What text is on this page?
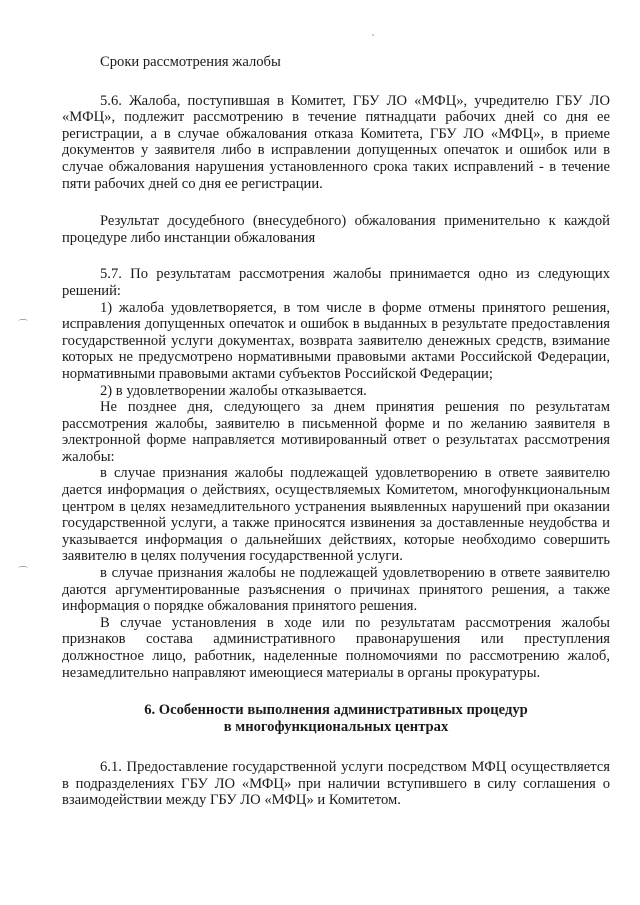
⌒
⌒

Сроки рассмотрения жалобы

5.6. Жалоба, поступившая в Комитет, ГБУ ЛО «МФЦ», учредителю ГБУ ЛО «МФЦ», подлежит рассмотрению в течение пятнадцати рабочих дней со дня ее регистрации, а в случае обжалования отказа Комитета, ГБУ ЛО «МФЦ», в приеме документов у заявителя либо в исправлении допущенных опечаток и ошибок или в случае обжалования нарушения установленного срока таких исправлений - в течение пяти рабочих дней со дня ее регистрации.

Результат досудебного (внесудебного) обжалования применительно к каждой процедуре либо инстанции обжалования

5.7. По результатам рассмотрения жалобы принимается одно из следующих решений:

1) жалоба удовлетворяется, в том числе в форме отмены принятого решения, исправления допущенных опечаток и ошибок в выданных в результате предоставления государственной услуги документах, возврата заявителю денежных средств, взимание которых не предусмотрено нормативными правовыми актами Российской Федерации, нормативными правовыми актами субъектов Российской Федерации;

2) в удовлетворении жалобы отказывается.

Не позднее дня, следующего за днем принятия решения по результатам рассмотрения жалобы, заявителю в письменной форме и по желанию заявителя в электронной форме направляется мотивированный ответ о результатах рассмотрения жалобы:

в случае признания жалобы подлежащей удовлетворению в ответе заявителю дается информация о действиях, осуществляемых Комитетом, многофункциональным центром в целях незамедлительного устранения выявленных нарушений при оказании государственной услуги, а также приносятся извинения за доставленные неудобства и указывается информация о дальнейших действиях, которые необходимо совершить заявителю в целях получения государственной услуги.

в случае признания жалобы не подлежащей удовлетворению в ответе заявителю даются аргументированные разъяснения о причинах принятого решения, а также информация о порядке обжалования принятого решения.

В случае установления в ходе или по результатам рассмотрения жалобы признаков состава административного правонарушения или преступления должностное лицо, работник, наделенные полномочиями по рассмотрению жалоб, незамедлительно направляют имеющиеся материалы в органы прокуратуры.

6. Особенности выполнения административных процедур
в многофункциональных центрах

6.1. Предоставление государственной услуги посредством МФЦ осуществляется в подразделениях ГБУ ЛО «МФЦ» при наличии вступившего в силу соглашения о взаимодействии между ГБУ ЛО «МФЦ» и Комитетом.
